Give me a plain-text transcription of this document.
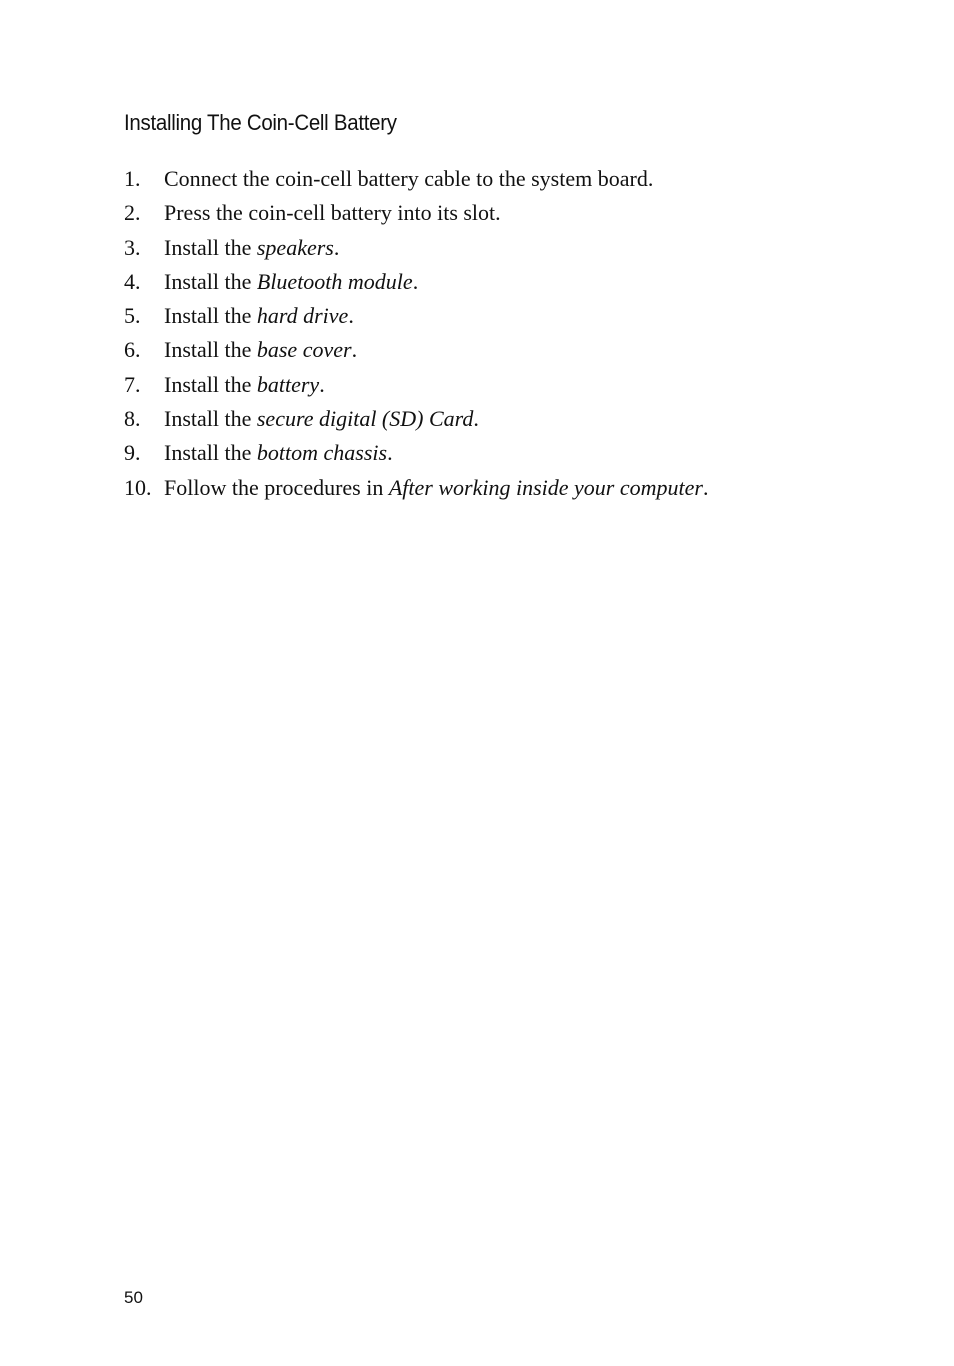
Installing The Coin-Cell Battery
1.	Connect the coin-cell battery cable to the system board.
2.	Press the coin-cell battery into its slot.
3.	Install the speakers.
4.	Install the Bluetooth module.
5.	Install the hard drive.
6.	Install the base cover.
7.	Install the battery.
8.	Install the secure digital (SD) Card.
9.	Install the bottom chassis.
10. Follow the procedures in After working inside your computer.
50
